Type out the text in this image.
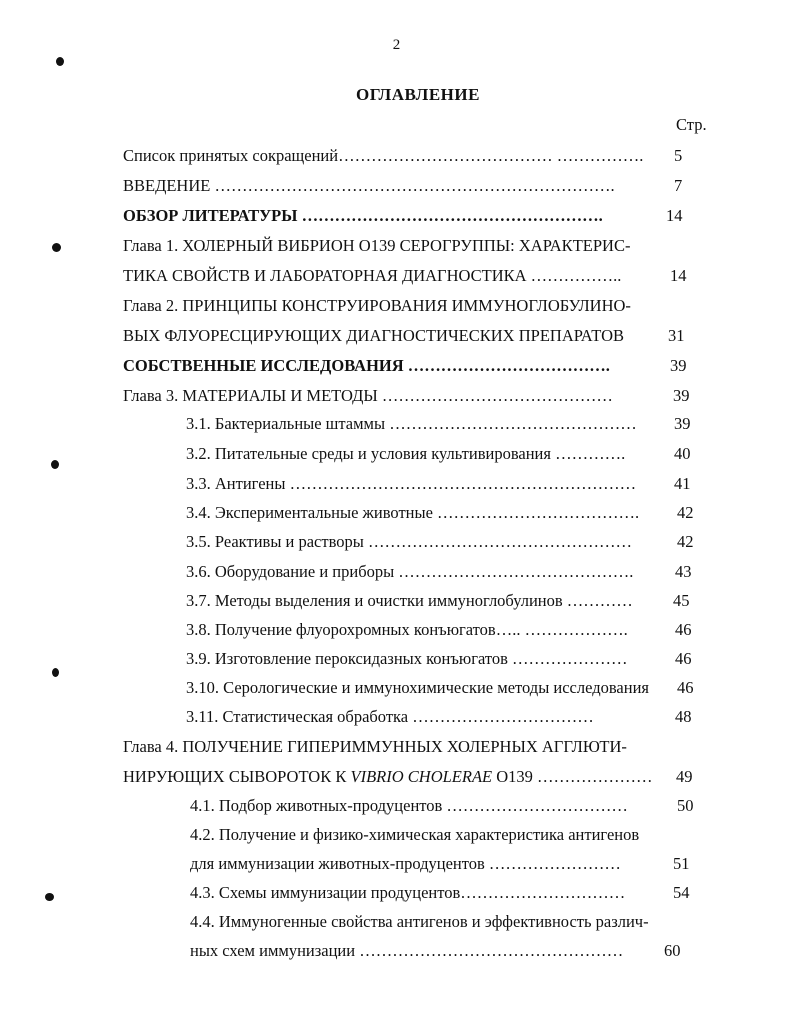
2
ОГЛАВЛЕНИЕ
Стр.
Список принятых сокращений………………………………… ……………. 5
ВВЕДЕНИЕ ……………………………………………………………….	7
ОБЗОР ЛИТЕРАТУРЫ ……………………………………………….	14
Глава 1. ХОЛЕРНЫЙ ВИБРИОН О139 СЕРОГРУППЫ: ХАРАКТЕРИС-
ТИКА СВОЙСТВ И ЛАБОРАТОРНАЯ ДИАГНОСТИКА ……………..	14
Глава 2. ПРИНЦИПЫ КОНСТРУИРОВАНИЯ ИММУНОГЛОБУЛИНО-
ВЫХ ФЛУОРЕСЦИРУЮЩИХ ДИАГНОСТИЧЕСКИХ ПРЕПАРАТОВ	31
СОБСТВЕННЫЕ ИССЛЕДОВАНИЯ ……………………………….	39
Глава 3. МАТЕРИАЛЫ И МЕТОДЫ ……………………………………	39
3.1. Бактериальные штаммы ……………………………………… 39
3.2. Питательные среды и условия культивирования ………….	40
3.3. Антигены ……………………………………………………… 41
3.4. Экспериментальные животные ………………………………. 42
3.5. Реактивы и растворы …………………………………………	42
3.6. Оборудование и приборы …………………………………….	43
3.7. Методы выделения и очистки иммуноглобулинов ………… 45
3.8. Получение флуорохромных конъюгатов….. ……………….	46
3.9. Изготовление пероксидазных конъюгатов …………………	46
3.10. Серологические и иммунохимические методы исследования 46
3.11. Статистическая обработка ……………………………	48
Глава 4. ПОЛУЧЕНИЕ ГИПЕРИММУННЫХ ХОЛЕРНЫХ АГГЛЮТИ-
НИРУЮЩИХ СЫВОРОТОК К VIBRIO CHOLERAE О139 ………………… 49
4.1. Подбор животных-продуцентов ……………………………	50
4.2. Получение и физико-химическая характеристика антигенов
для иммунизации животных-продуцентов ……………………	51
4.3. Схемы иммунизации продуцентов…………………………	54
4.4. Иммуногенные свойства антигенов и эффективность различ-
ных схем иммунизации ………………………………………… 60
